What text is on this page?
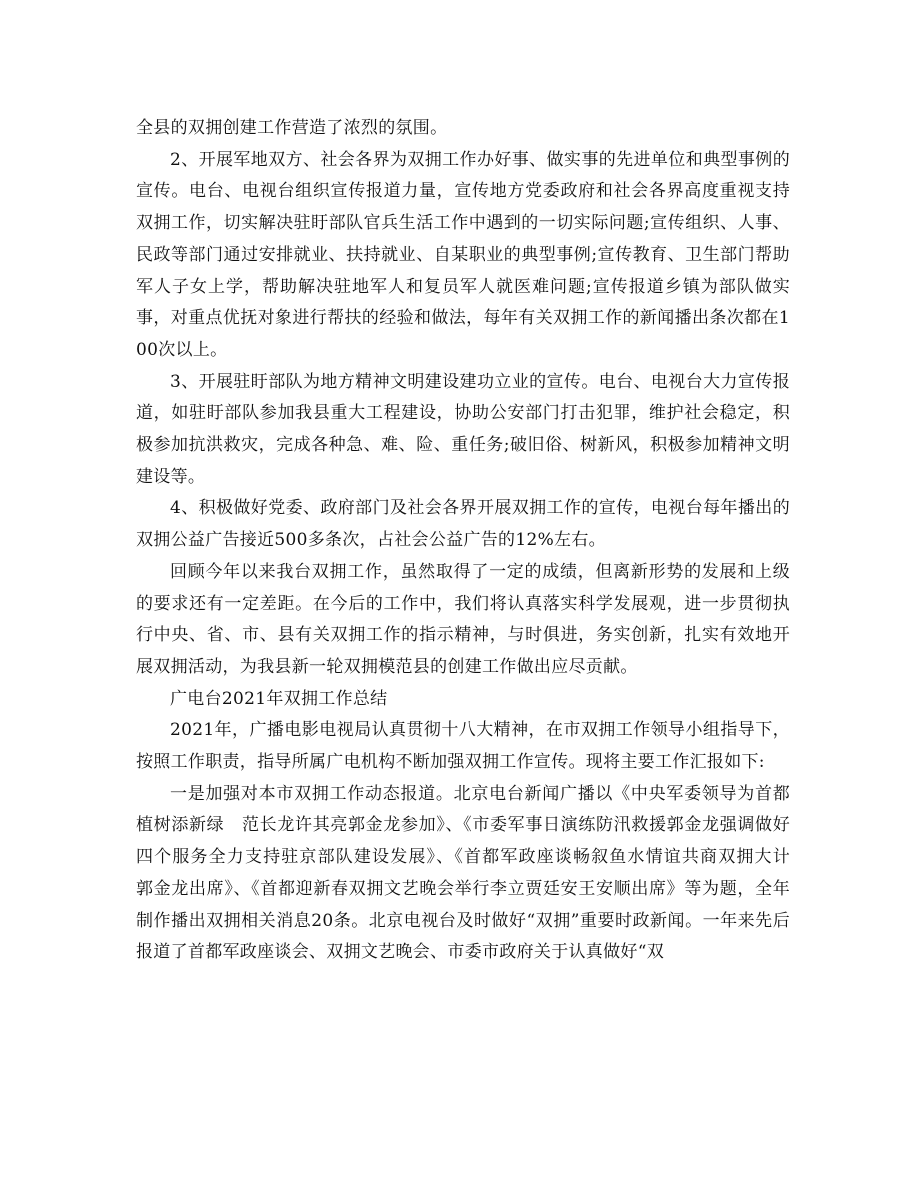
全县的双拥创建工作营造了浓烈的氛围。

2、开展军地双方、社会各界为双拥工作办好事、做实事的先进单位和典型事例的宣传。电台、电视台组织宣传报道力量，宣传地方党委政府和社会各界高度重视支持双拥工作，切实解决驻盱部队官兵生活工作中遇到的一切实际问题;宣传组织、人事、民政等部门通过安排就业、扶持就业、自某职业的典型事例;宣传教育、卫生部门帮助军人子女上学，帮助解决驻地军人和复员军人就医难问题;宣传报道乡镇为部队做实事，对重点优抚对象进行帮扶的经验和做法，每年有关双拥工作的新闻播出条次都在100次以上。

3、开展驻盱部队为地方精神文明建设建功立业的宣传。电台、电视台大力宣传报道，如驻盱部队参加我县重大工程建设，协助公安部门打击犯罪，维护社会稳定，积极参加抗洪救灾，完成各种急、难、险、重任务;破旧俗、树新风，积极参加精神文明建设等。

4、积极做好党委、政府部门及社会各界开展双拥工作的宣传，电视台每年播出的双拥公益广告接近500多条次，占社会公益广告的12%左右。

回顾今年以来我台双拥工作，虽然取得了一定的成绩，但离新形势的发展和上级的要求还有一定差距。在今后的工作中，我们将认真落实科学发展观，进一步贯彻执行中央、省、市、县有关双拥工作的指示精神，与时俱进，务实创新，扎实有效地开展双拥活动，为我县新一轮双拥模范县的创建工作做出应尽贡献。

广电台2021年双拥工作总结

2021年，广播电影电视局认真贯彻十八大精神，在市双拥工作领导小组指导下，按照工作职责，指导所属广电机构不断加强双拥工作宣传。现将主要工作汇报如下:

一是加强对本市双拥工作动态报道。北京电台新闻广播以《中央军委领导为首都植树添新绿　范长龙许其亮郭金龙参加》、《市委军事日演练防汛救援郭金龙强调做好四个服务全力支持驻京部队建设发展》、《首都军政座谈畅叙鱼水情谊共商双拥大计　郭金龙出席》、《首都迎新春双拥文艺晚会举行李立贾廷安王安顺出席》等为题，全年制作播出双拥相关消息20条。北京电视台及时做好“双拥”重要时政新闻。一年来先后报道了首都军政座谈会、双拥文艺晚会、市委市政府关于认真做好“双
